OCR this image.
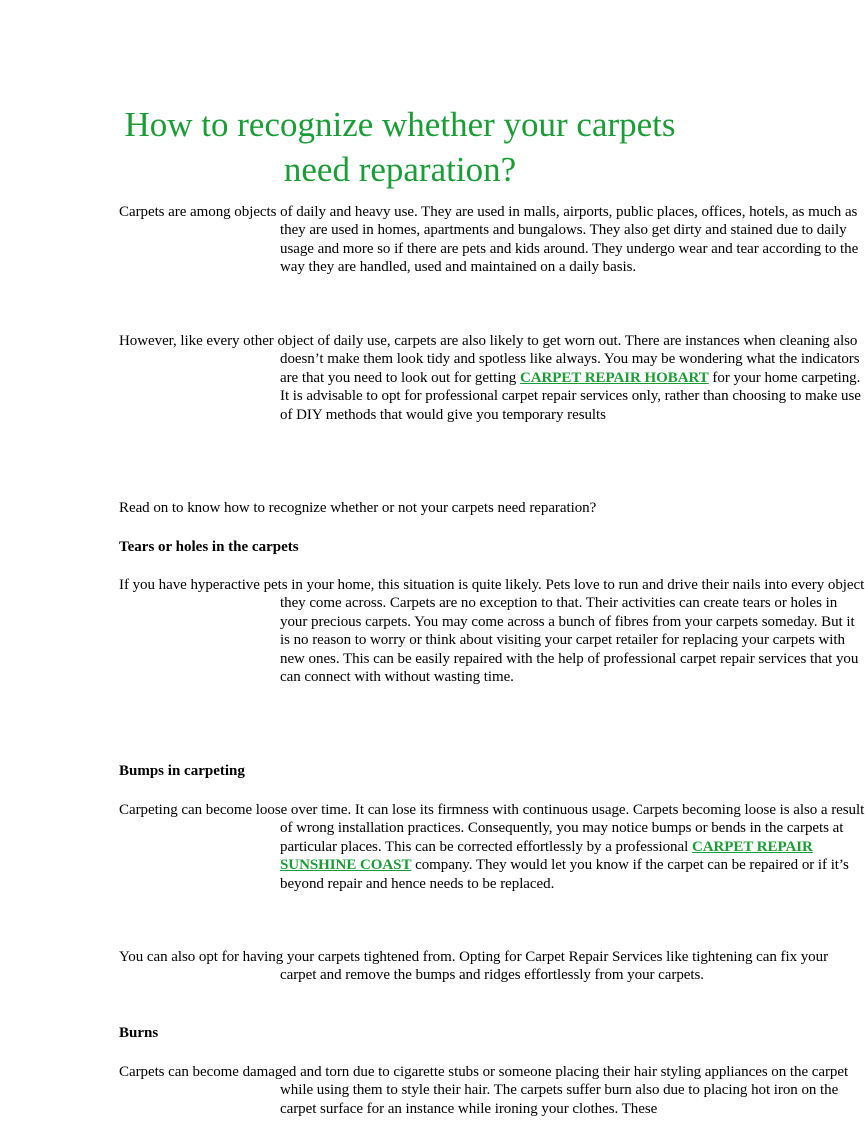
How to recognize whether your carpets need reparation?

Carpets are among objects of daily and heavy use. They are used in malls, airports, public places, offices, hotels, as much as they are used in homes, apartments and bungalows. They also get dirty and stained due to daily usage and more so if there are pets and kids around. They undergo wear and tear according to the way they are handled, used and maintained on a daily basis.

However, like every other object of daily use, carpets are also likely to get worn out. There are instances when cleaning also doesn’t make them look tidy and spotless like always. You may be wondering what the indicators are that you need to look out for getting CARPET REPAIR HOBART for your home carpeting. It is advisable to opt for professional carpet repair services only, rather than choosing to make use of DIY methods that would give you temporary results

Read on to know how to recognize whether or not your carpets need reparation?

Tears or holes in the carpets

If you have hyperactive pets in your home, this situation is quite likely. Pets love to run and drive their nails into every object they come across. Carpets are no exception to that. Their activities can create tears or holes in your precious carpets. You may come across a bunch of fibres from your carpets someday. But it is no reason to worry or think about visiting your carpet retailer for replacing your carpets with new ones. This can be easily repaired with the help of professional carpet repair services that you can connect with without wasting time.

Bumps in carpeting

Carpeting can become loose over time. It can lose its firmness with continuous usage. Carpets becoming loose is also a result of wrong installation practices. Consequently, you may notice bumps or bends in the carpets at particular places. This can be corrected effortlessly by a professional CARPET REPAIR SUNSHINE COAST company. They would let you know if the carpet can be repaired or if it’s beyond repair and hence needs to be replaced.

You can also opt for having your carpets tightened from. Opting for Carpet Repair Services like tightening can fix your carpet and remove the bumps and ridges effortlessly from your carpets.

Burns

Carpets can become damaged and torn due to cigarette stubs or someone placing their hair styling appliances on the carpet while using them to style their hair. The carpets suffer burn also due to placing hot iron on the carpet surface for an instance while ironing your clothes. These
